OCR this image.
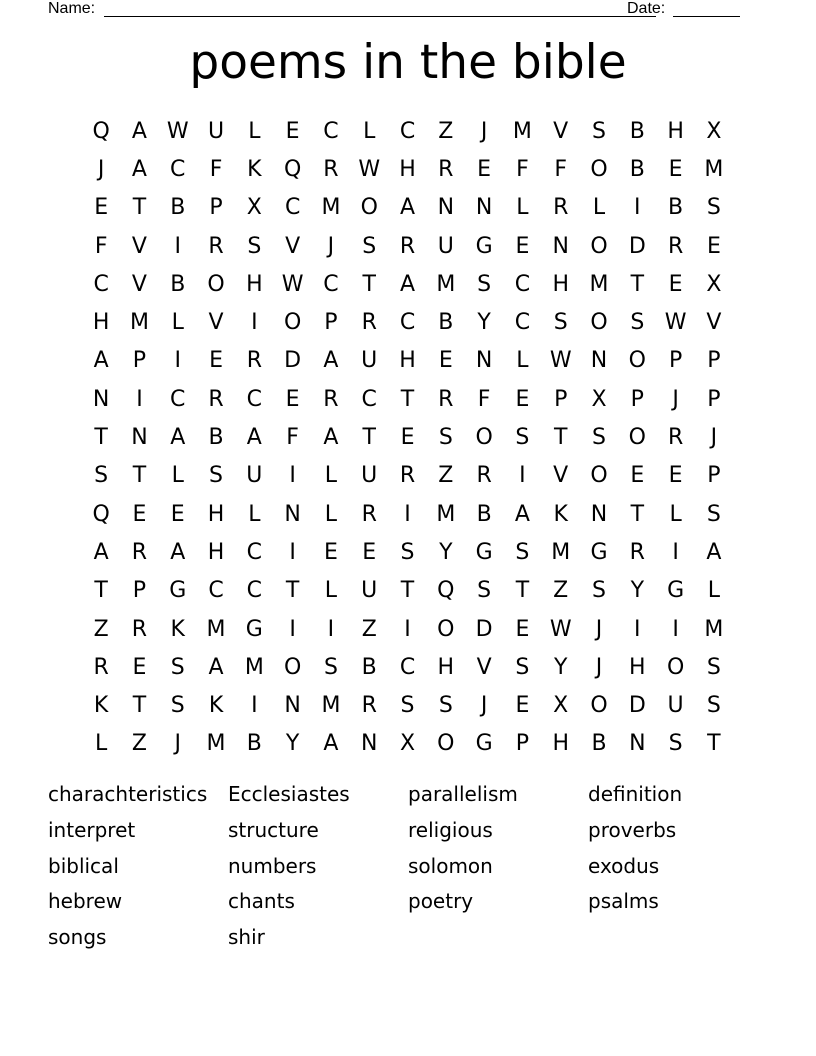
Name:	Date:
poems in the bible
Q	A W U	L	E	C	L	C	Z	J	M V	S	B	H	X
J	A	C	F	K	Q R W H	R	E	F	F	O	B	E M
E	T	B	P	X	C M O	A	N N	L	R	L	I	B	S
F	V	I	R	S	V	J	S	R	U G	E	N O D	R	E
C	V	B	O H W C	T	A M S	C	H M	T	E	X
H M	L	V	I	O	P	R	C	B	Y	C	S	O	S W V
A	P	I	E	R	D	A	U H	E	N	L W N O	P	P
N	I	C	R	C	E	R	C	T	R	F	E	P	X	P	J	P
T	N	A	B	A	F	A	T	E	S	O	S	T	S	O R	J
S	T	L	S	U	I	L	U	R	Z	R	I	V	O	E	E	P
Q	E	E	H	L	N	L	R	I	M B	A	K	N	T	L	S
A	R	A	H	C	I	E	E	S	Y	G	S M G	R	I	A
T	P	G	C	C	T	L	U	T	Q	S	T	Z	S	Y	G	L
Z	R	K M G	I	I	Z	I	O D	E W	J	I	I	M
R	E	S	A M O	S	B	C	H	V	S	Y	J	H O	S
K	T	S	K	I	N M R	S	S	J	E	X	O D U	S
L	Z	J	M B	Y	A	N	X	O G	P	H	B	N	S	T
charachteristics	Ecclesiastes	parallelism	definition
interpret	structure	religious	proverbs
biblical	numbers	solomon	exodus
hebrew	chants	poetry	psalms
songs	shir
